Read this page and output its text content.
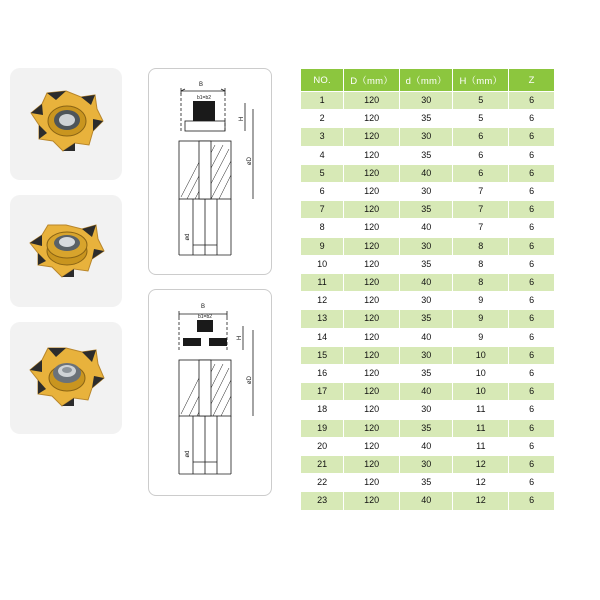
B
b1=b2
H
øD
ød
B
b1=b2
H
øD
ød
NO.	D（mm）	d（mm）	H（mm）	Z
1	120	30	5	6
2	120	35	5	6
3	120	30	6	6
4	120	35	6	6
5	120	40	6	6
6	120	30	7	6
7	120	35	7	6
8	120	40	7	6
9	120	30	8	6
10	120	35	8	6
11	120	40	8	6
12	120	30	9	6
13	120	35	9	6
14	120	40	9	6
15	120	30	10	6
16	120	35	10	6
17	120	40	10	6
18	120	30	11	6
19	120	35	11	6
20	120	40	11	6
21	120	30	12	6
22	120	35	12	6
23	120	40	12	6
